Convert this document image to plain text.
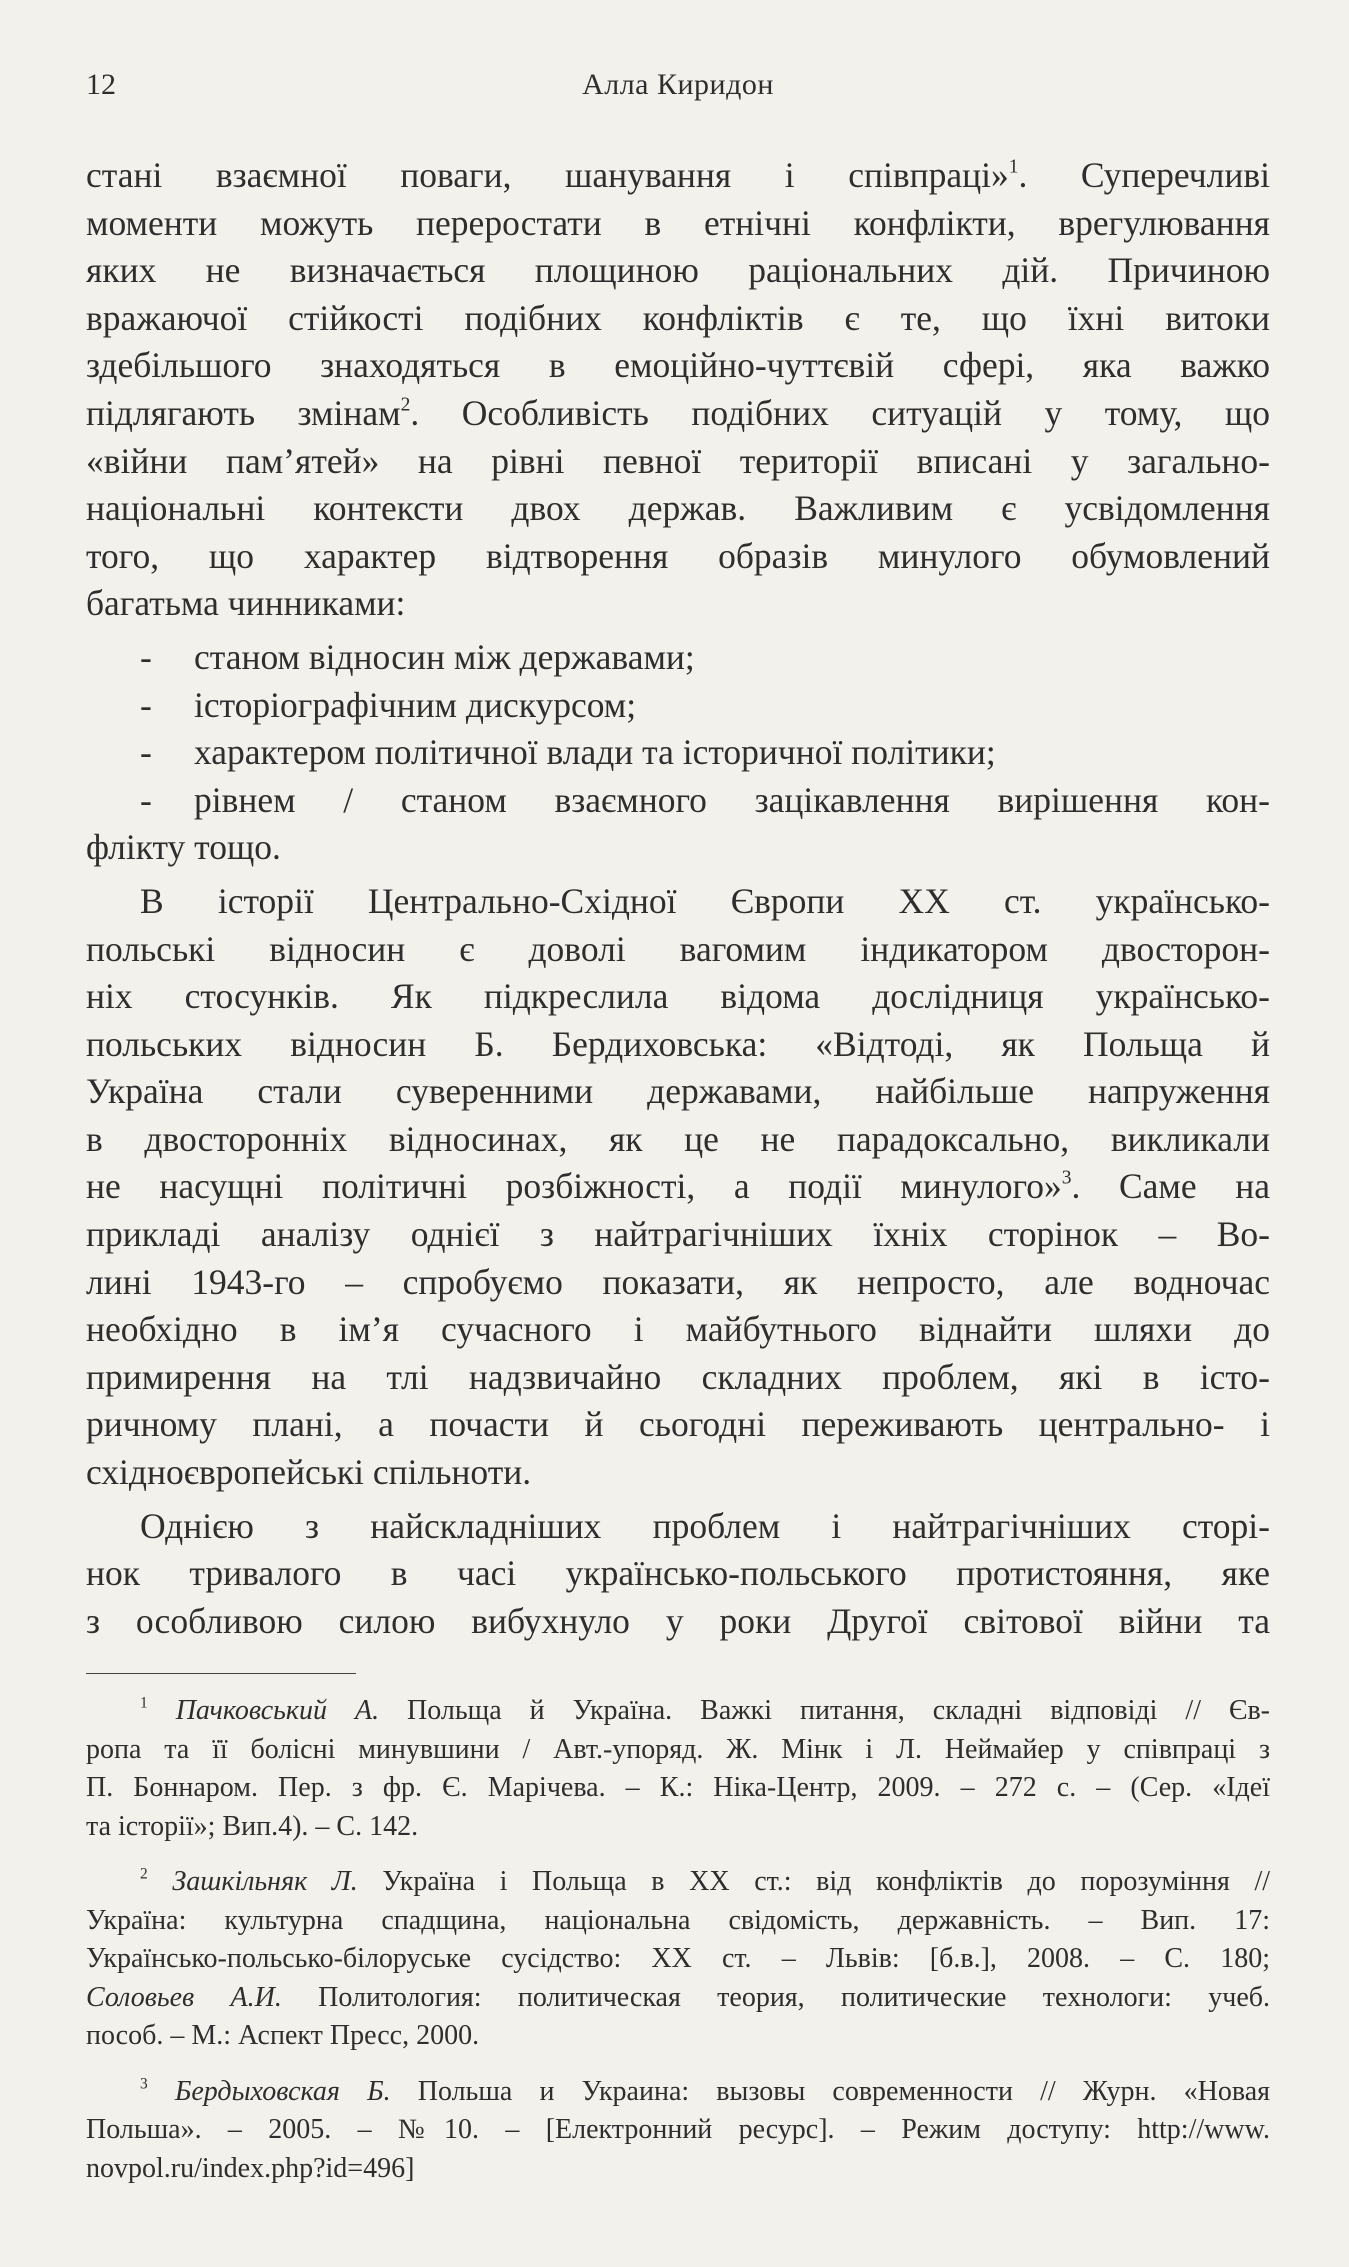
12	Алла Киридон
стані взаємної поваги, шанування і співпраці»$^1$. Суперечливі
моменти можуть переростати в етнічні конфлікти, врегулювання
яких не визначається площиною раціональних дій. Причиною
вражаючої стійкості подібних конфліктів є те, що їхні витоки
здебільшого знаходяться в емоційно-чуттєвій сфері, яка важко
підлягають змінам$^2$. Особливість подібних ситуацій у тому, що
«війни пам’ятей» на рівні певної території вписані у загально-
національні контексти двох держав. Важливим є усвідомлення
того, що характер відтворення образів минулого обумовлений
багатьма чинниками:
-	станом відносин між державами;
-	історіографічним дискурсом;
-	характером політичної влади та історичної політики;
-	рівнем / станом взаємного зацікавлення вирішення кон-
флікту тощо.
В історії Центрально-Східної Європи ХХ ст. українсько-
польські відносин є доволі вагомим індикатором двосторон-
ніх стосунків. Як підкреслила відома дослідниця українсько-
польських відносин Б. Бердиховська: «Відтоді, як Польща й
Україна стали суверенними державами, найбільше напруження
в двосторонніх відносинах, як це не парадоксально, викликали
не насущні політичні розбіжності, а події минулого»$^3$. Саме на
прикладі аналізу однієї з найтрагічніших їхніх сторінок – Во-
лині 1943-го – спробуємо показати, як непросто, але водночас
необхідно в ім’я сучасного і майбутнього віднайти шляхи до
примирення на тлі надзвичайно складних проблем, які в істо-
ричному плані, а почасти й сьогодні переживають центрально- і
східноєвропейські спільноти.
Однією з найскладніших проблем і найтрагічніших сторі-
нок тривалого в часі українсько-польського протистояння, яке
з особливою силою вибухнуло у роки Другої світової війни та
$^1$ Пачковський А. Польща й Україна. Важкі питання, складні відповіді // Єв-
ропа та її болісні минувшини / Авт.-упоряд. Ж. Мінк і Л. Неймайер у співпраці з
П. Боннаром. Пер. з фр. Є. Марічева. – К.: Ніка-Центр, 2009. – 272 с. – (Сер. «Ідеї
та історії»; Вип.4). – С. 142.
$^2$ Зашкільняк Л. Україна і Польща в ХХ ст.: від конфліктів до порозуміння //
Україна: культурна спадщина, національна свідомість, державність. – Вип. 17:
Українсько-польсько-білоруське сусідство: ХХ ст. – Львів: [б.в.], 2008. – С. 180;
Соловьев А.И. Политология: политическая теория, политические технологи: учеб.
пособ. – М.: Аспект Пресс, 2000.
$^3$ Бердыховская Б. Польша и Украина: вызовы современности // Журн. «Новая
Польша». – 2005. – №10. – [Електронний ресурс]. – Режим доступу: http://www.
novpol.ru/index.php?id=496]
